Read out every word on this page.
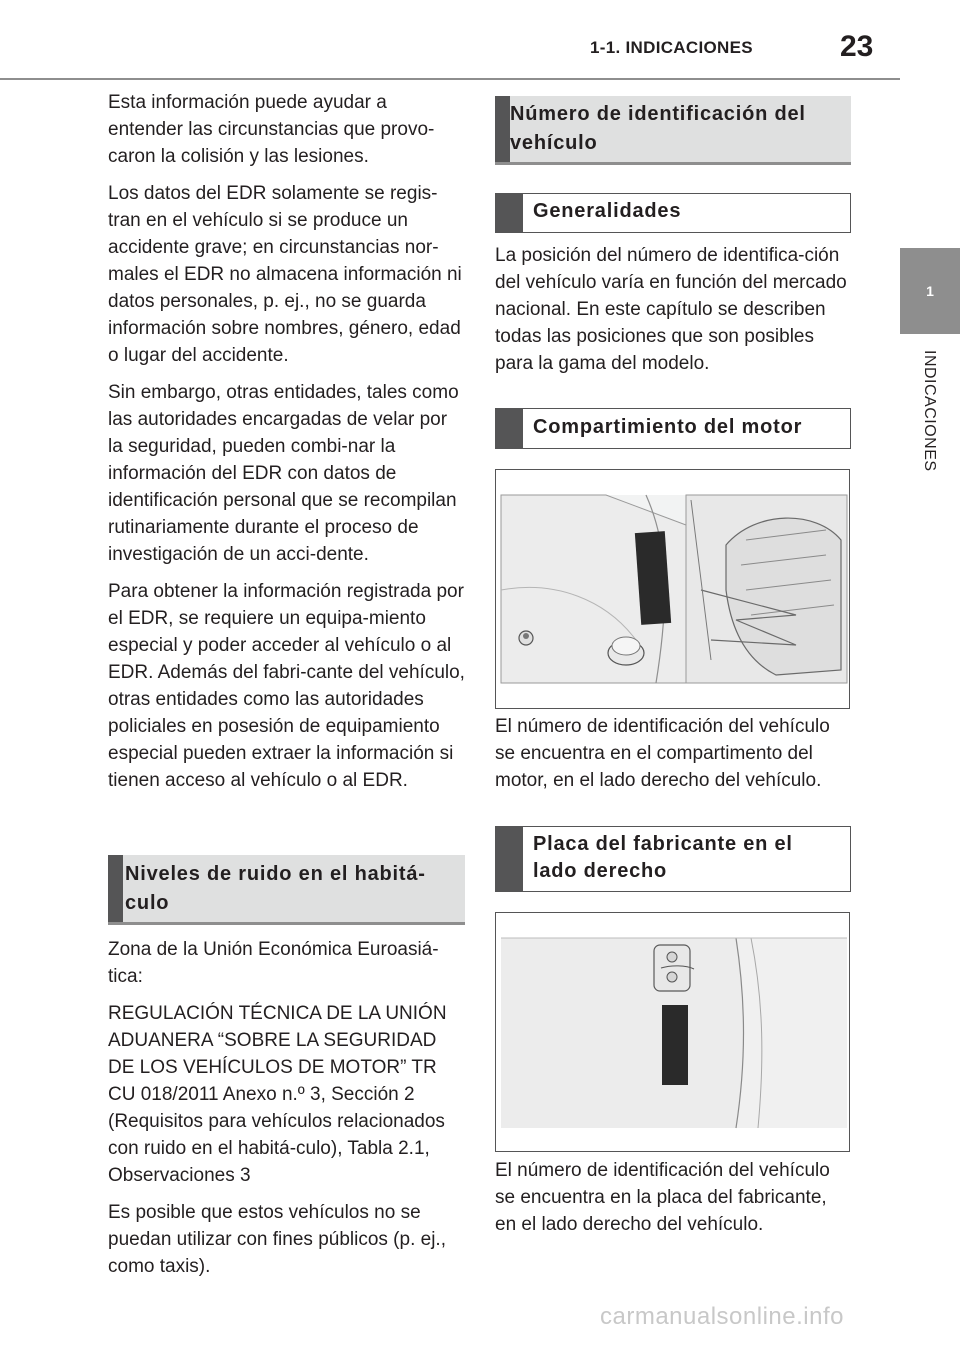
1-1. INDICACIONES	23
1
INDICACIONES

Esta información puede ayudar a entender las circunstancias que provo-caron la colisión y las lesiones.

Los datos del EDR solamente se regis-tran en el vehículo si se produce un accidente grave; en circunstancias nor-males el EDR no almacena información ni datos personales, p. ej., no se guarda información sobre nombres, género, edad o lugar del accidente.

Sin embargo, otras entidades, tales como las autoridades encargadas de velar por la seguridad, pueden combi-nar la información del EDR con datos de identificación personal que se recompilan rutinariamente durante el proceso de investigación de un acci-dente.

Para obtener la información registrada por el EDR, se requiere un equipa-miento especial y poder acceder al vehículo o al EDR. Además del fabri-cante del vehículo, otras entidades como las autoridades policiales en posesión de equipamiento especial pueden extraer la información si tienen acceso al vehículo o al EDR.

Niveles de ruido en el habitá-culo

Zona de la Unión Económica Euroasiá-tica:

REGULACIÓN TÉCNICA DE LA UNIÓN ADUANERA “SOBRE LA SEGURIDAD DE LOS VEHÍCULOS DE MOTOR” TR CU 018/2011 Anexo n.º 3, Sección 2 (Requisitos para vehículos relacionados con ruido en el habitá-culo), Tabla 2.1, Observaciones 3

Es posible que estos vehículos no se puedan utilizar con fines públicos (p. ej., como taxis).

Número de identificación del vehículo
Generalidades

La posición del número de identifica-ción del vehículo varía en función del mercado nacional. En este capítulo se describen todas las posiciones que son posibles para la gama del modelo.

Compartimiento del motor

El número de identificación del vehículo se encuentra en el compartimento del motor, en el lado derecho del vehículo.

Placa del fabricante en el lado derecho

El número de identificación del vehículo se encuentra en la placa del fabricante, en el lado derecho del vehículo.

carmanualsonline.info
